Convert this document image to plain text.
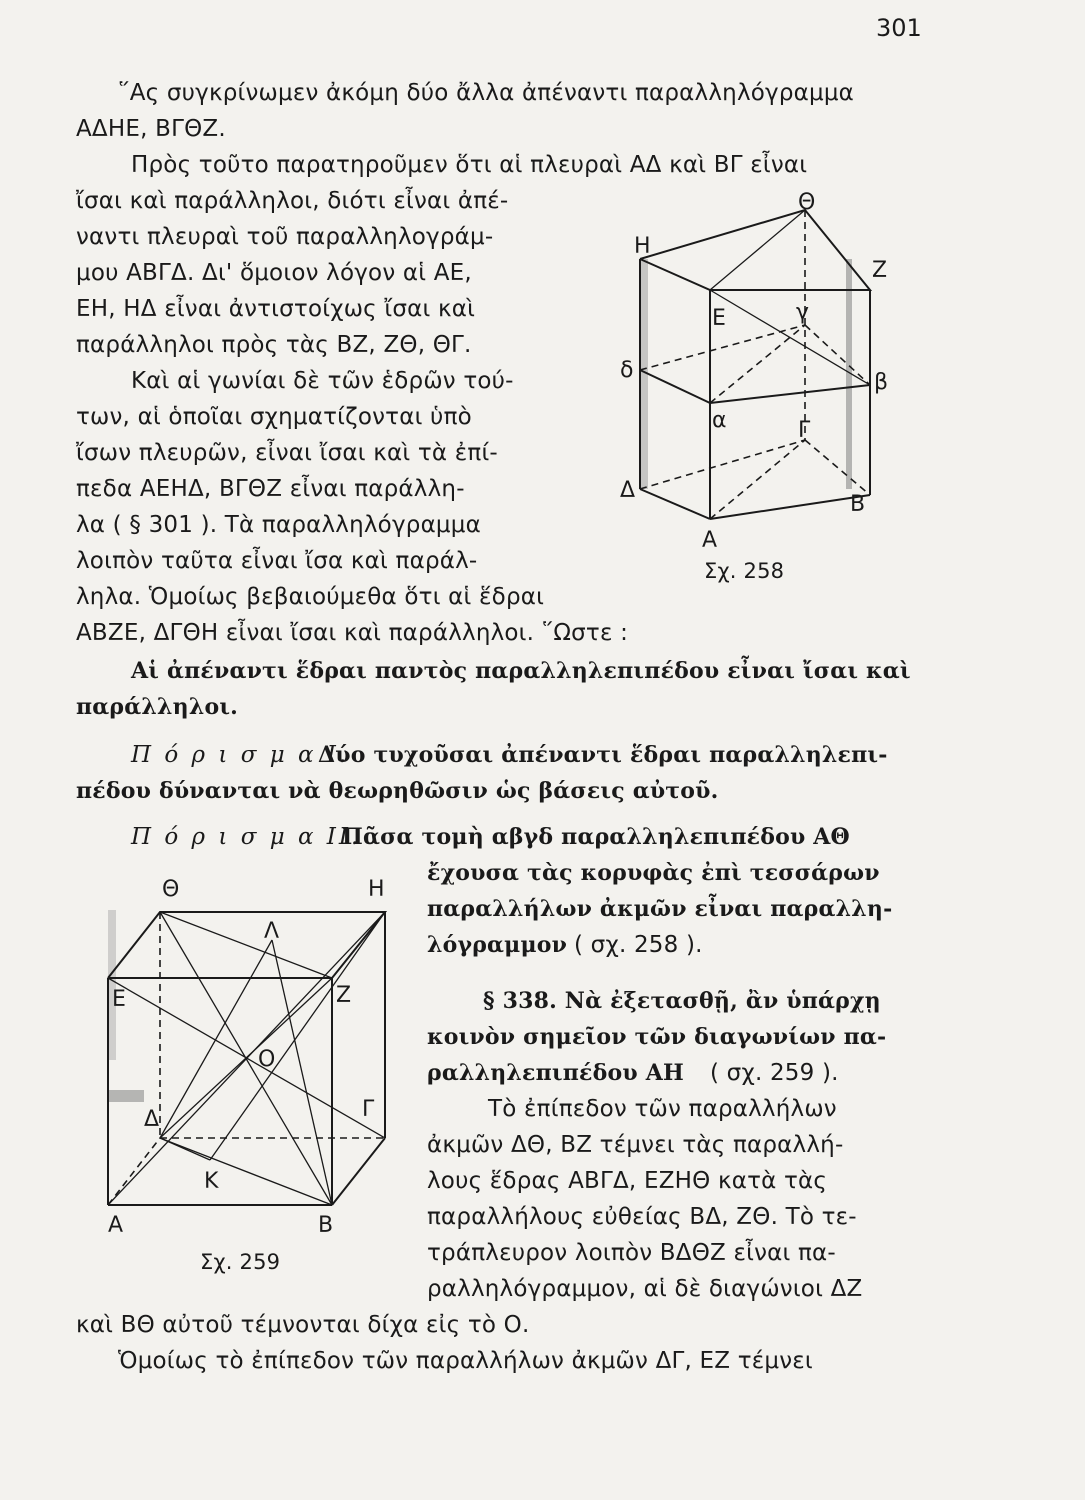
301
῞Ας συγκρίνωμεν ἀκόμη δύο ἄλλα ἀπέναντι παραλληλόγραμμα
ΑΔΗΕ, ΒΓΘΖ.
Πρὸς τοῦτο παρατηροῦμεν ὅτι αἱ πλευραὶ ΑΔ καὶ ΒΓ εἶναι
ἴσαι καὶ παράλληλοι, διότι εἶναι ἀπέ-
ναντι πλευραὶ τοῦ παραλληλογράμ-
μου ΑΒΓΔ. Δι' ὅμοιον λόγον αἱ ΑΕ,
ΕΗ, ΗΔ εἶναι ἀντιστοίχως ἴσαι καὶ
παράλληλοι πρὸς τὰς ΒΖ, ΖΘ, ΘΓ.
Καὶ αἱ γωνίαι δὲ τῶν ἑδρῶν τού-
των, αἱ ὁποῖαι σχηματίζονται ὑπὸ
ἴσων πλευρῶν, εἶναι ἴσαι καὶ τὰ ἐπί-
πεδα ΑΕΗΔ, ΒΓΘΖ εἶναι παράλλη-
λα ( § 301 ). Τὰ παραλληλόγραμμα
λοιπὸν ταῦτα εἶναι ἴσα καὶ παράλ-
ληλα. Ὁμοίως βεβαιούμεθα ὅτι αἱ ἕδραι
ΑΒΖΕ, ΔΓΘΗ εἶναι ἴσαι καὶ παράλληλοι. ῞Ωστε :
Αἱ ἀπέναντι ἕδραι παντὸς παραλληλεπιπέδου εἶναι ἴσαι καὶ
παράλληλοι.
Π ό ρ ι σ μ α Ι.
Δύο τυχοῦσαι ἀπέναντι ἕδραι παραλληλεπι-
πέδου δύνανται νὰ θεωρηθῶσιν ὡς βάσεις αὐτοῦ.
Π ό ρ ι σ μ α ΙΙ.
Πᾶσα τομὴ αβγδ παραλληλεπιπέδου ΑΘ
ἔχουσα τὰς κορυφὰς ἐπὶ τεσσάρων
παραλλήλων ἀκμῶν εἶναι παραλλη-
λόγραμμον ( σχ. 258 ).
§ 338. Νὰ ἐξετασθῇ, ἂν ὑπάρχῃ
κοινὸν σημεῖον τῶν διαγωνίων πα-
ραλληλεπιπέδου ΑΗ ( σχ. 259 ).
Τὸ ἐπίπεδον τῶν παραλλήλων
ἀκμῶν ΔΘ, ΒΖ τέμνει τὰς παραλλή-
λους ἕδρας ΑΒΓΔ, ΕΖΗΘ κατὰ τὰς
παραλλήλους εὐθείας ΒΔ, ΖΘ. Τὸ τε-
τράπλευρον λοιπὸν ΒΔΘΖ εἶναι πα-
ραλληλόγραμμον, αἱ δὲ διαγώνιοι ΔΖ
καὶ ΒΘ αὐτοῦ τέμνονται δίχα εἰς τὸ Ο.
Ὁμοίως τὸ ἐπίπεδον τῶν παραλλήλων ἀκμῶν ΔΓ, ΕΖ τέμνει
Θ
Η
Ζ
Ε	γ
δ	β
α	Γ
Δ
Β
Α
Σχ. 258
Θ	Η
Λ
Ε	Ζ
Ο
Γ
Δ
Κ
Α	Β
Σχ. 259
